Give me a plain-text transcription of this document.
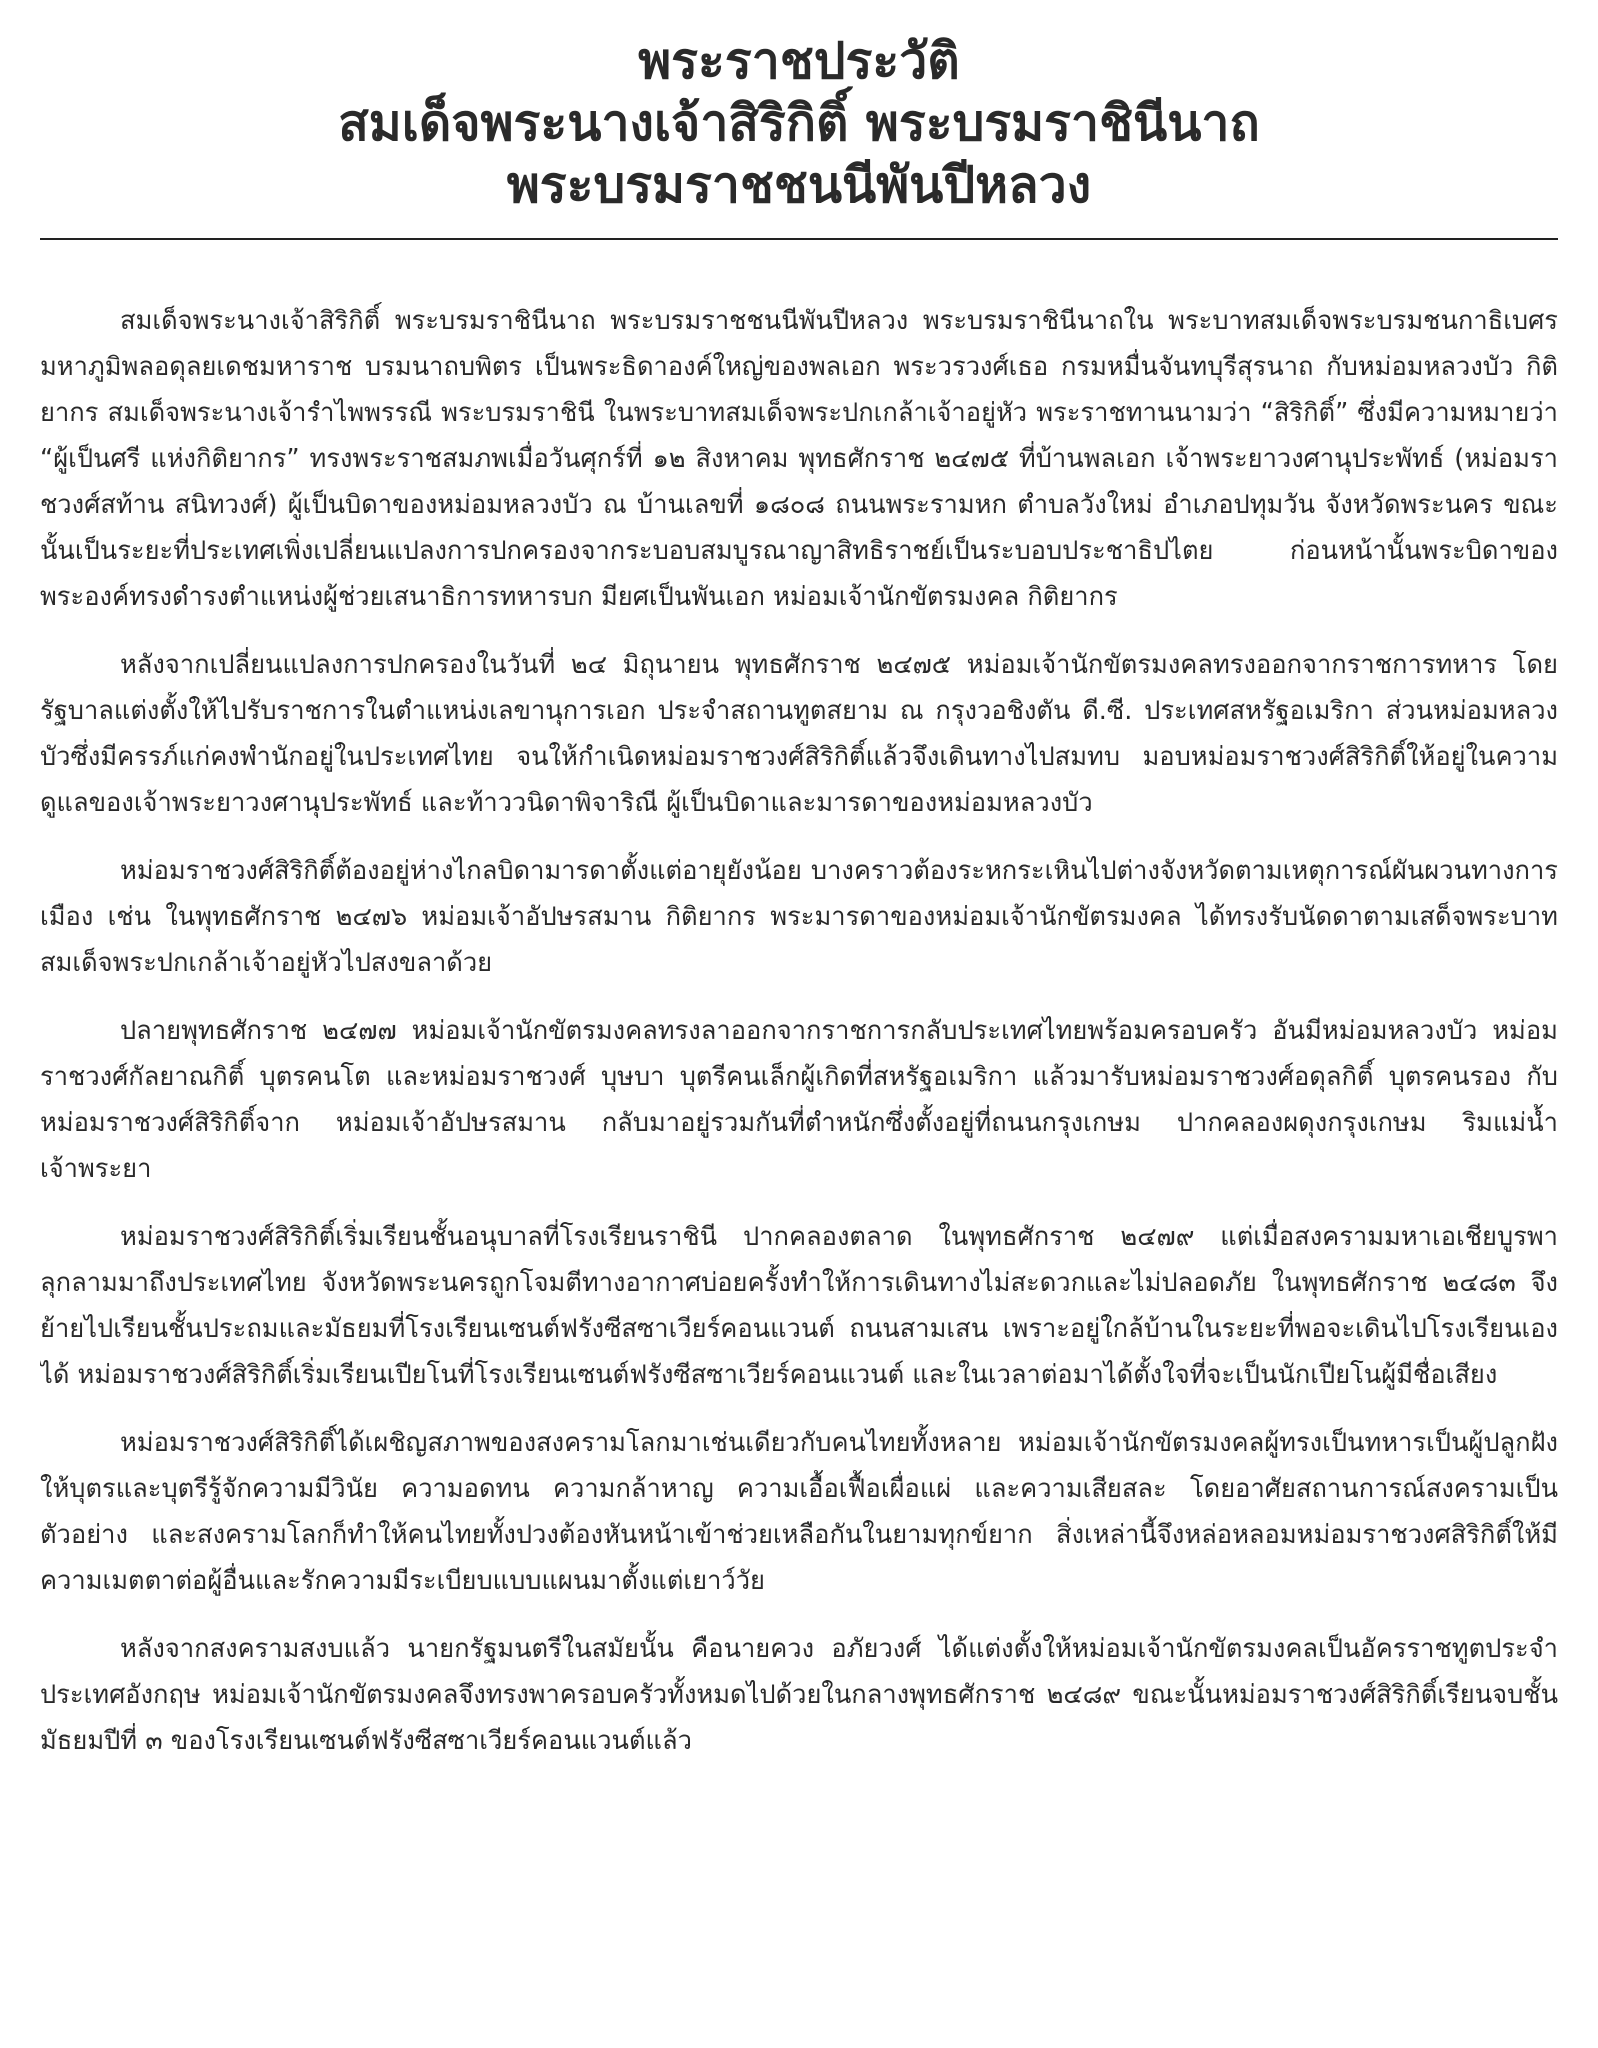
พระราชประวัติ
สมเด็จพระนางเจ้าสิริกิติ์ พระบรมราชินีนาถ
พระบรมราชชนนีพันปีหลวง

สมเด็จพระนางเจ้าสิริกิติ์ พระบรมราชินีนาถ พระบรมราชชนนีพันปีหลวง พระบรมราชินีนาถใน พระบาทสมเด็จพระบรมชนกาธิเบศร มหาภูมิพลอดุลยเดชมหาราช บรมนาถบพิตร เป็นพระธิดาองค์ใหญ่ของพลเอก พระวรวงศ์เธอ กรมหมื่นจันทบุรีสุรนาถ กับหม่อมหลวงบัว กิติยากร สมเด็จพระนางเจ้ารำไพพรรณี พระบรมราชินี ในพระบาทสมเด็จพระปกเกล้าเจ้าอยู่หัว พระราชทานนามว่า “สิริกิติ์” ซึ่งมีความหมายว่า “ผู้เป็นศรี แห่งกิติยากร” ทรงพระราชสมภพเมื่อวันศุกร์ที่ ๑๒ สิงหาคม พุทธศักราช ๒๔๗๕ ที่บ้านพลเอก เจ้าพระยาวงศานุประพัทธ์ (หม่อมราชวงศ์สท้าน สนิทวงศ์) ผู้เป็นบิดาของหม่อมหลวงบัว ณ บ้านเลขที่ ๑๘๐๘ ถนนพระรามหก ตำบลวังใหม่ อำเภอปทุมวัน จังหวัดพระนคร ขณะนั้นเป็นระยะที่ประเทศเพิ่งเปลี่ยนแปลงการปกครองจากระบอบสมบูรณาญาสิทธิราชย์เป็นระบอบประชาธิปไตย ก่อนหน้านั้นพระบิดาของพระองค์ทรงดำรงตำแหน่งผู้ช่วยเสนาธิการทหารบก มียศเป็นพันเอก หม่อมเจ้านักขัตรมงคล กิติยากร

หลังจากเปลี่ยนแปลงการปกครองในวันที่ ๒๔ มิถุนายน พุทธศักราช ๒๔๗๕ หม่อมเจ้านักขัตรมงคลทรงออกจากราชการทหาร โดยรัฐบาลแต่งตั้งให้ไปรับราชการในตำแหน่งเลขานุการเอก ประจำสถานทูตสยาม ณ กรุงวอชิงตัน ดี.ซี. ประเทศสหรัฐอเมริกา ส่วนหม่อมหลวงบัวซึ่งมีครรภ์แก่คงพำนักอยู่ในประเทศไทย จนให้กำเนิดหม่อมราชวงศ์สิริกิติ์แล้วจึงเดินทางไปสมทบ มอบหม่อมราชวงศ์สิริกิติ์ให้อยู่ในความดูแลของเจ้าพระยาวงศานุประพัทธ์ และท้าววนิดาพิจาริณี ผู้เป็นบิดาและมารดาของหม่อมหลวงบัว

หม่อมราชวงศ์สิริกิติ์ต้องอยู่ห่างไกลบิดามารดาตั้งแต่อายุยังน้อย บางคราวต้องระหกระเหินไปต่างจังหวัดตามเหตุการณ์ผันผวนทางการเมือง เช่น ในพุทธศักราช ๒๔๗๖ หม่อมเจ้าอัปษรสมาน กิติยากร พระมารดาของหม่อมเจ้านักขัตรมงคล ได้ทรงรับนัดดาตามเสด็จพระบาทสมเด็จพระปกเกล้าเจ้าอยู่หัวไปสงขลาด้วย

ปลายพุทธศักราช ๒๔๗๗ หม่อมเจ้านักขัตรมงคลทรงลาออกจากราชการกลับประเทศไทยพร้อมครอบครัว อันมีหม่อมหลวงบัว หม่อมราชวงศ์กัลยาณกิติ์ บุตรคนโต และหม่อมราชวงศ์ บุษบา บุตรีคนเล็กผู้เกิดที่สหรัฐอเมริกา แล้วมารับหม่อมราชวงศ์อดุลกิติ์ บุตรคนรอง กับ หม่อมราชวงศ์สิริกิติ์จาก หม่อมเจ้าอัปษรสมาน กลับมาอยู่รวมกันที่ตำหนักซึ่งตั้งอยู่ที่ถนนกรุงเกษม ปากคลองผดุงกรุงเกษม ริมแม่น้ำเจ้าพระยา

หม่อมราชวงศ์สิริกิติ์เริ่มเรียนชั้นอนุบาลที่โรงเรียนราชินี ปากคลองตลาด ในพุทธศักราช ๒๔๗๙ แต่เมื่อสงครามมหาเอเชียบูรพาลุกลามมาถึงประเทศไทย จังหวัดพระนครถูกโจมตีทางอากาศบ่อยครั้งทำให้การเดินทางไม่สะดวกและไม่ปลอดภัย ในพุทธศักราช ๒๔๘๓ จึงย้ายไปเรียนชั้นประถมและมัธยมที่โรงเรียนเซนต์ฟรังซีสซาเวียร์คอนแวนต์ ถนนสามเสน เพราะอยู่ใกล้บ้านในระยะที่พอจะเดินไปโรงเรียนเองได้ หม่อมราชวงศ์สิริกิติ์เริ่มเรียนเปียโนที่โรงเรียนเซนต์ฟรังซีสซาเวียร์คอนแวนต์ และในเวลาต่อมาได้ตั้งใจที่จะเป็นนักเปียโนผู้มีชื่อเสียง

หม่อมราชวงศ์สิริกิติ์ได้เผชิญสภาพของสงครามโลกมาเช่นเดียวกับคนไทยทั้งหลาย หม่อมเจ้านักขัตรมงคลผู้ทรงเป็นทหารเป็นผู้ปลูกฝังให้บุตรและบุตรีรู้จักความมีวินัย ความอดทน ความกล้าหาญ ความเอื้อเฟื้อเผื่อแผ่ และความเสียสละ โดยอาศัยสถานการณ์สงครามเป็นตัวอย่าง และสงครามโลกก็ทำให้คนไทยทั้งปวงต้องหันหน้าเข้าช่วยเหลือกันในยามทุกข์ยาก สิ่งเหล่านี้จึงหล่อหลอมหม่อมราชวงศสิริกิติ์ให้มีความเมตตาต่อผู้อื่นและรักความมีระเบียบแบบแผนมาตั้งแต่เยาว์วัย

หลังจากสงครามสงบแล้ว นายกรัฐมนตรีในสมัยนั้น คือนายควง อภัยวงศ์ ได้แต่งตั้งให้หม่อมเจ้านักขัตรมงคลเป็นอัครราชทูตประจำประเทศอังกฤษ หม่อมเจ้านักขัตรมงคลจึงทรงพาครอบครัวทั้งหมดไปด้วยในกลางพุทธศักราช ๒๔๘๙ ขณะนั้นหม่อมราชวงศ์สิริกิติ์เรียนจบชั้นมัธยมปีที่ ๓ ของโรงเรียนเซนต์ฟรังซีสซาเวียร์คอนแวนต์แล้ว
